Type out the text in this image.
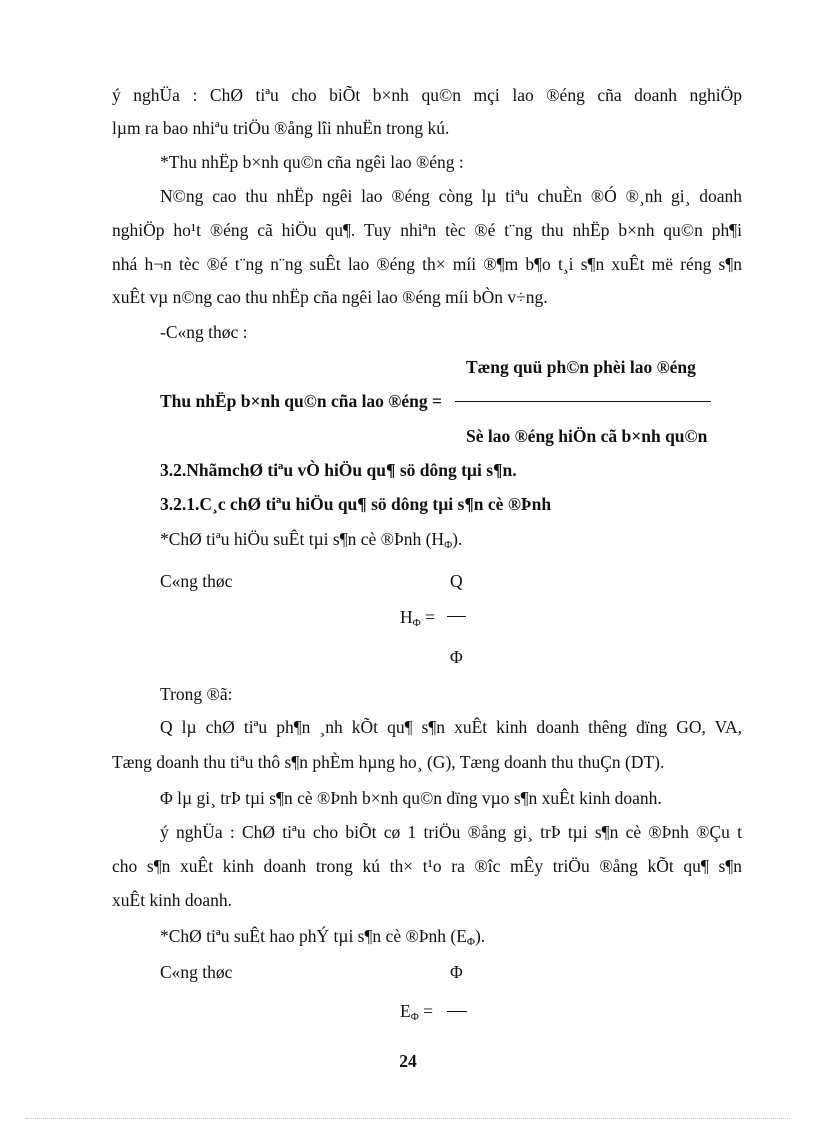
ý nghÜa : ChØ tiªu cho biÕt b×nh qu©n mçi lao ®éng cña doanh nghiÖp
lµm ra bao nhiªu triÖu ®ång lîi nhuËn trong kú.
*Thu nhËp b×nh qu©n cña ngêi lao ®éng :
N©ng cao thu nhËp ngêi lao ®éng còng lµ tiªu chuÈn ®Ó ®¸nh gi¸ doanh
nghiÖp ho¹t ®éng cã hiÖu qu¶. Tuy nhiªn tèc ®é t¨ng thu nhËp b×nh qu©n ph¶i
nhá h¬n tèc ®é t¨ng n¨ng suÊt lao ®éng th× míi ®¶m b¶o t¸i s¶n xuÊt më réng s¶n
xuÊt vµ n©ng cao thu nhËp cña ngêi lao ®éng míi bÒn v÷ng.
-C«ng thøc :
Tæng quü ph©n phèi lao ®éng
Thu nhËp b×nh qu©n cña lao ®éng =
Sè lao ®éng hiÖn cã b×nh qu©n
3.2.NhãmchØ tiªu vÒ hiÖu qu¶ sö dông tµi s¶n.
3.2.1.C¸c chØ tiªu hiÖu qu¶ sö dông tµi s¶n cè ®Þnh
*ChØ tiªu hiÖu suÊt tµi s¶n cè ®Þnh $(H_\Phi)$.
C«ng thøc	Q
$H_\Phi$ =
Φ
Trong ®ã:
Q lµ chØ tiªu ph¶n ¸nh kÕt qu¶ s¶n xuÊt kinh doanh thêng dïng GO, VA,
Tæng doanh thu tiªu thô s¶n phÈm hµng ho¸ (G), Tæng doanh thu thuÇn (DT).
Φ lµ gi¸ trÞ tµi s¶n cè ®Þnh b×nh qu©n dïng vµo s¶n xuÊt kinh doanh.
ý nghÜa : ChØ tiªu cho biÕt cø 1 triÖu ®ång gi¸ trÞ tµi s¶n cè ®Þnh ®Çu t
cho s¶n xuÊt kinh doanh trong kú th× t¹o ra ®îc mÊy triÖu ®ång kÕt qu¶ s¶n
xuÊt kinh doanh.
*ChØ tiªu suÊt hao phÝ tµi s¶n cè ®Þnh $(E_\Phi)$.
C«ng thøc	Φ
$E_\Phi$ =
24
